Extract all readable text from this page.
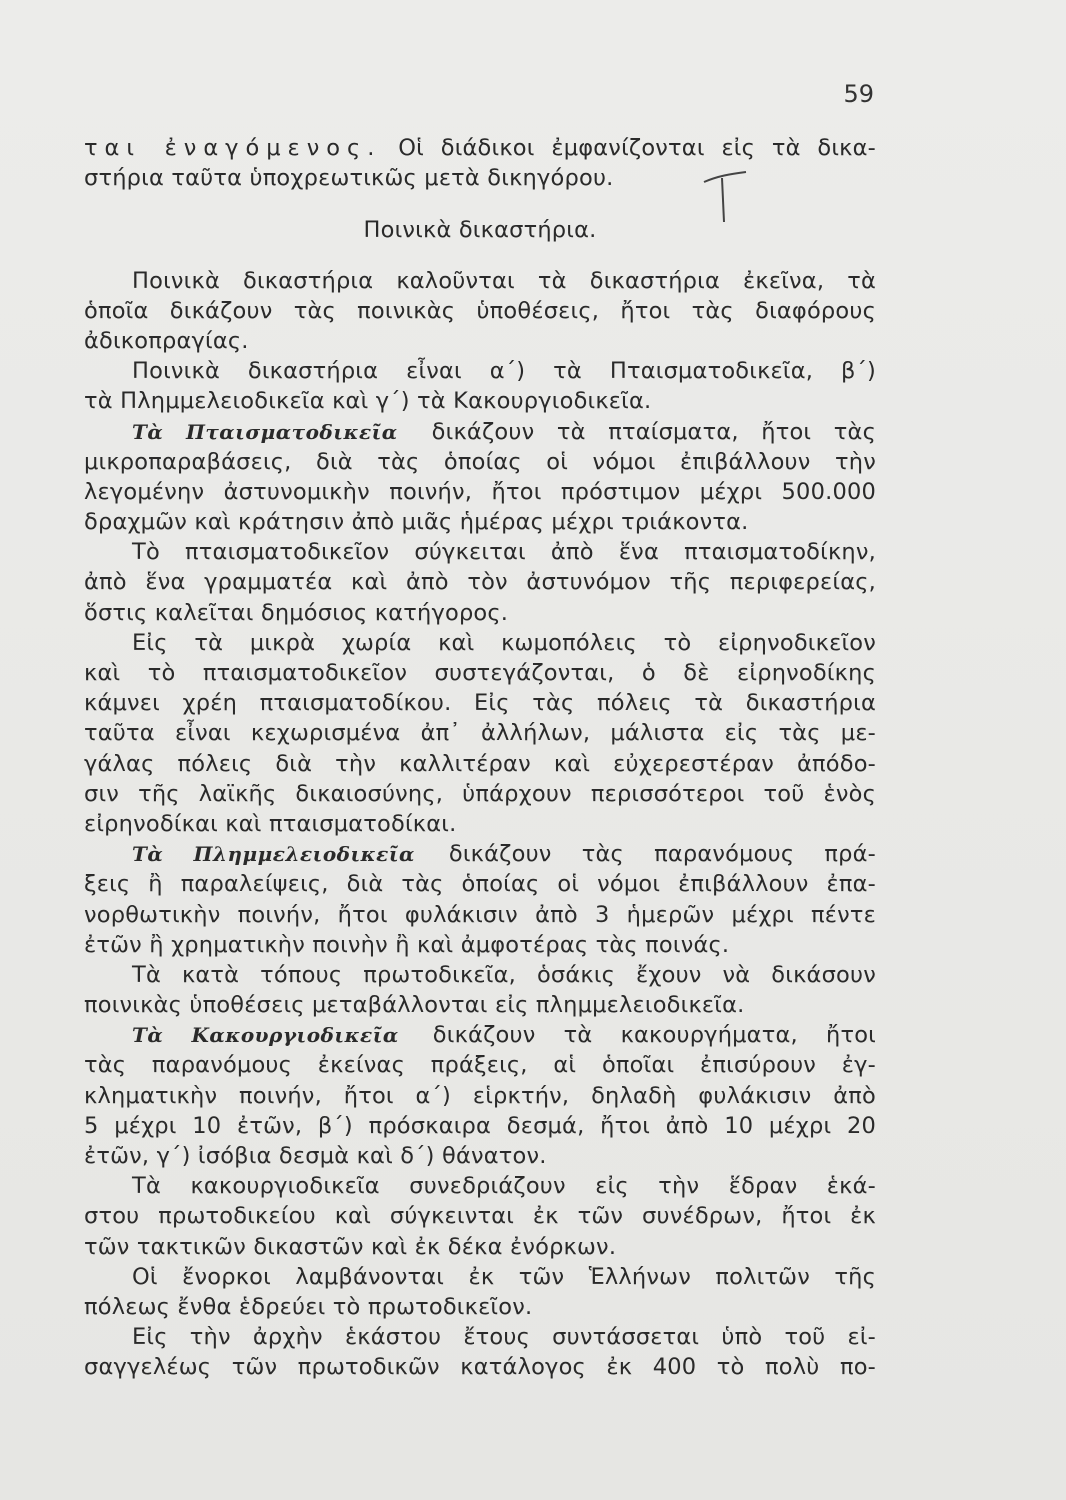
59
ται ἐναγόμενος. Οἱ διάδικοι ἐμφανίζονται εἰς τὰ δικα-
στήρια ταῦτα ὑποχρεωτικῶς μετὰ δικηγόρου.
Ποινικὰ δικαστήρια.
Ποινικὰ δικαστήρια καλοῦνται τὰ δικαστήρια ἐκεῖνα, τὰ
ὁποῖα δικάζουν τὰς ποινικὰς ὑποθέσεις, ἤτοι τὰς διαφόρους
ἀδικοπραγίας.
Ποινικὰ δικαστήρια εἶναι α΄) τὰ Πταισματοδικεῖα, β΄)
τὰ Πλημμελειοδικεῖα καὶ γ΄) τὰ Κακουργιοδικεῖα.
Τὰ Πταισματοδικεῖα δικάζουν τὰ πταίσματα, ἤτοι τὰς
μικροπαραβάσεις, διὰ τὰς ὁποίας οἱ νόμοι ἐπιβάλλουν τὴν
λεγομένην ἀστυνομικὴν ποινήν, ἤτοι πρόστιμον μέχρι 500.000
δραχμῶν καὶ κράτησιν ἀπὸ μιᾶς ἡμέρας μέχρι τριάκοντα.
Τὸ πταισματοδικεῖον σύγκειται ἀπὸ ἕνα πταισματοδίκην,
ἀπὸ ἕνα γραμματέα καὶ ἀπὸ τὸν ἀστυνόμον τῆς περιφερείας,
ὅστις καλεῖται δημόσιος κατήγορος.
Εἰς τὰ μικρὰ χωρία καὶ κωμοπόλεις τὸ εἰρηνοδικεῖον
καὶ τὸ πταισματοδικεῖον συστεγάζονται, ὁ δὲ εἰρηνοδίκης
κάμνει χρέη πταισματοδίκου. Εἰς τὰς πόλεις τὰ δικαστήρια
ταῦτα εἶναι κεχωρισμένα ἀπ᾽ ἀλλήλων, μάλιστα εἰς τὰς με-
γάλας πόλεις διὰ τὴν καλλιτέραν καὶ εὐχερεστέραν ἀπόδο-
σιν τῆς λαϊκῆς δικαιοσύνης, ὑπάρχουν περισσότεροι τοῦ ἑνὸς
εἰρηνοδίκαι καὶ πταισματοδίκαι.
Τὰ Πλημμελειοδικεῖα δικάζουν τὰς παρανόμους πρά-
ξεις ἢ παραλείψεις, διὰ τὰς ὁποίας οἱ νόμοι ἐπιβάλλουν ἐπα-
νορθωτικὴν ποινήν, ἤτοι φυλάκισιν ἀπὸ 3 ἡμερῶν μέχρι πέντε
ἐτῶν ἢ χρηματικὴν ποινὴν ἢ καὶ ἀμφοτέρας τὰς ποινάς.
Τὰ κατὰ τόπους πρωτοδικεῖα, ὁσάκις ἔχουν νὰ δικάσουν
ποινικὰς ὑποθέσεις μεταβάλλονται εἰς πλημμελειοδικεῖα.
Τὰ Κακουργιοδικεῖα δικάζουν τὰ κακουργήματα, ἤτοι
τὰς παρανόμους ἐκείνας πράξεις, αἱ ὁποῖαι ἐπισύρουν ἐγ-
κληματικὴν ποινήν, ἤτοι α΄) εἱρκτήν, δηλαδὴ φυλάκισιν ἀπὸ
5 μέχρι 10 ἐτῶν, β΄) πρόσκαιρα δεσμά, ἤτοι ἀπὸ 10 μέχρι 20
ἐτῶν, γ΄) ἰσόβια δεσμὰ καὶ δ΄) θάνατον.
Τὰ κακουργιοδικεῖα συνεδριάζουν εἰς τὴν ἕδραν ἑκά-
στου πρωτοδικείου καὶ σύγκεινται ἐκ τῶν συνέδρων, ἤτοι ἐκ
τῶν τακτικῶν δικαστῶν καὶ ἐκ δέκα ἐνόρκων.
Οἱ ἔνορκοι λαμβάνονται ἐκ τῶν Ἑλλήνων πολιτῶν τῆς
πόλεως ἔνθα ἑδρεύει τὸ πρωτοδικεῖον.
Εἰς τὴν ἀρχὴν ἑκάστου ἔτους συντάσσεται ὑπὸ τοῦ εἰ-
σαγγελέως τῶν πρωτοδικῶν κατάλογος ἐκ 400 τὸ πολὺ πο-
